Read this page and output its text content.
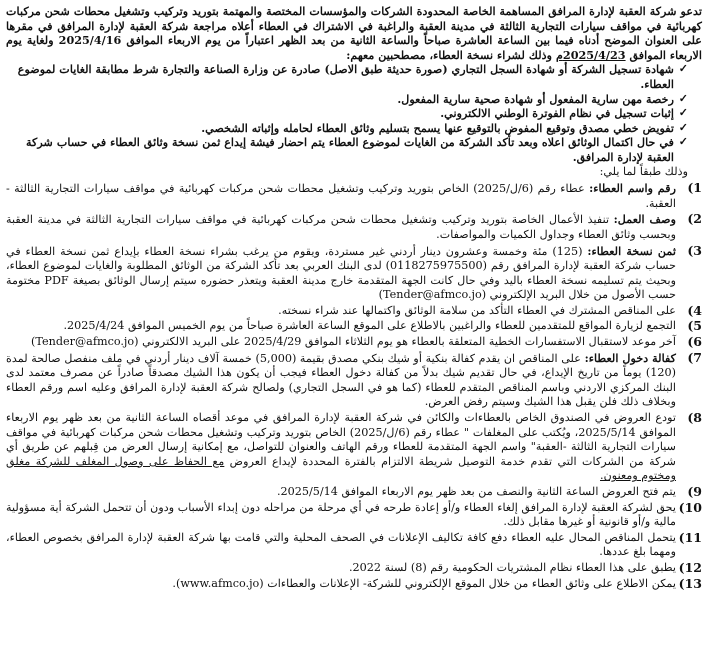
تدعو شركة العقبة لإدارة المرافق المساهمة الخاصة المحدودة الشركات والمؤسسات المختصة والمهتمة بتوريد وتركيب وتشغيل محطات شحن مركبات كهربائية في مواقف سيارات التجارية الثالثة في مدينة العقبة والراغبة في الاشتراك في العطاء أعلاه مراجعة شركة العقبة لإدارة المرافق في مقرها على العنوان الموضح أدناه فيما بين الساعة العاشرة صباحاً والساعة الثانية من بعد الظهر اعتباراً من يوم الاربعاء الموافق 2025/4/16 ولغاية يوم الاربعاء الموافق 2025/4/23م وذلك لشراء نسخة العطاء، مصطحبين معهم:

✓
شهادة تسجيل الشركة أو شهادة السجل التجاري (صورة حديثة طبق الاصل) صادرة عن وزارة الصناعة والتجارة شرط مطابقة الغايات لموضوع العطاء.
✓
رخصة مهن سارية المفعول أو شهادة صحية سارية المفعول.
✓
إثبات تسجيل في نظام الفوترة الوطني الالكتروني.
✓
تفويض خطي مصدق وتوقيع المفوض بالتوقيع عنها يسمح بتسليم وثائق العطاء لحامله وإثباته الشخصي.
✓
في حال اكتمال الوثائق اعلاه وبعد تأكد الشركة من الغايات لموضوع العطاء يتم احضار فيشة إيداع ثمن نسخة وثائق العطاء في حساب شركة العقبة لإدارة المرافق.

وذلك طبقاً لما يلي:

1)
رقم واسم العطاء: عطاء رقم (6/ل/2025) الخاص بتوريد وتركيب وتشغيل محطات شحن مركبات كهربائية في مواقف سيارات التجارية الثالثة - العقبة.
2)
وصف العمل: تنفيذ الأعمال الخاصة بتوريد وتركيب وتشغيل محطات شحن مركبات كهربائية في مواقف سيارات التجارية الثالثة في مدينة العقبة وبحسب وثائق العطاء وجداول الكميات والمواصفات.
3)
ثمن نسخة العطاء: (125) مئة وخمسة وعشرون دينار أردني غير مستردة، ويقوم من يرغب بشراء نسخة العطاء بإيداع ثمن نسخة العطاء في حساب شركة العقبة لإدارة المرافق رقم (0118275975500) لدى البنك العربي بعد تأكد الشركة من الوثائق المطلوبة والغايات لموضوع العطاء، وبحيث يتم تسليمه نسخة العطاء باليد وفي حال كانت الجهة المتقدمة خارج مدينة العقبة ويتعذر حضوره سيتم إرسال الوثائق بصيغة PDF مختومة حسب الأصول من خلال البريد الإلكتروني (Tender@afmco.jo)
4)
على المناقص المشترك في العطاء التأكد من سلامة الوثائق واكتمالها عند شراء نسخته.
5)
التجمع لزيارة المواقع للمتقدمين للعطاء والراغبين بالاطلاع على الموقع الساعة العاشرة صباحاً من يوم الخميس الموافق 2025/4/24.
6)
آخر موعد لاستقبال الاستفسارات الخطية المتعلقة بالعطاء هو يوم الثلاثاء الموافق 2025/4/29 على البريد الالكتروني (Tender@afmco.jo)
7)
كفالة دخول العطاء: على المناقص ان يقدم كفالة بنكية أو شيك بنكي مصدق بقيمة (5,000) خمسة آلاف دينار أردني في ملف منفصل صالحة لمدة (120) يوماً من تاريخ الإيداع، في حال تقديم شيك بدلاً من كفالة دخول العطاء فيجب أن يكون هذا الشيك مصدقاً صادراً عن مصرف معتمد لدى البنك المركزي الاردني وباسم المناقص المتقدم للعطاء (كما هو في السجل التجاري) ولصالح شركة العقبة لإدارة المرافق وعليه اسم ورقم العطاء وبخلاف ذلك فلن يقبل هذا الشيك وسيتم رفض العرض.
8)
تودع العروض في الصندوق الخاص بالعطاءات والكائن في شركة العقبة لإدارة المرافق في موعد أقصاه الساعة الثانية من بعد ظهر يوم الاربعاء الموافق 2025/5/14، ويُكتب على المغلفات " عطاء رقم (6/ل/2025) الخاص بتوريد وتركيب وتشغيل محطات شحن مركبات كهربائية في مواقف سيارات التجارية الثالثة -العقبة" واسم الجهة المتقدمة للعطاء ورقم الهاتف والعنوان للتواصل، مع إمكانية إرسال العرض من قِبلهم عن طريق أي شركة من الشركات التي تقدم خدمة التوصيل شريطة الالتزام بالفترة المحددة لإيداع العروض مع الحفاظ على وصول المغلف للشركة مغلق ومختوم ومعنون.
9)
يتم فتح العروض الساعة الثانية والنصف من بعد ظهر يوم الاربعاء الموافق 2025/5/14.
10)
يحق لشركة العقبة لإدارة المرافق إلغاء العطاء و/أو إعادة طرحه في أي مرحلة من مراحله دون إبداء الأسباب ودون أن تتحمل الشركة أية مسؤولية مالية و/أو قانونية أو غيرها مقابل ذلك.
11)
يتحمل المناقص المحال عليه العطاء دفع كافة تكاليف الإعلانات في الصحف المحلية والتي قامت بها شركة العقبة لإدارة المرافق بخصوص العطاء، ومهما بلغ عددها.
12)
يطبق على هذا العطاء نظام المشتريات الحكومية رقم (8) لسنة 2022.
13)
يمكن الاطلاع على وثائق العطاء من خلال الموقع الإلكتروني للشركة- الإعلانات والعطاءات (www.afmco.jo).
